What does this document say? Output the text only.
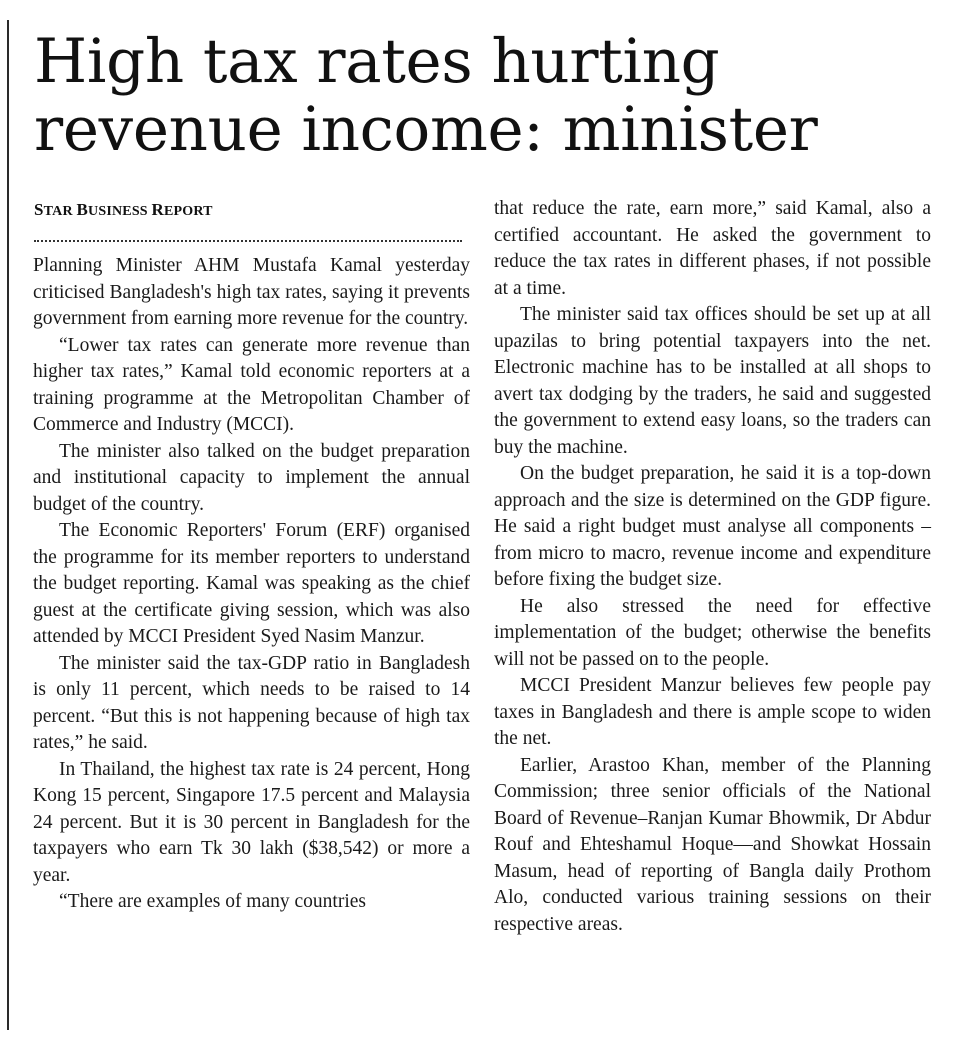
High tax rates hurting revenue income: minister
STAR BUSINESS REPORT

Planning Minister AHM Mustafa Kamal yesterday criticised Bangladesh's high tax rates, saying it prevents government from earning more revenue for the country.

“Lower tax rates can generate more revenue than higher tax rates,” Kamal told economic reporters at a training programme at the Metropolitan Chamber of Commerce and Industry (MCCI).

The minister also talked on the budget preparation and institutional capacity to implement the annual budget of the country.

The Economic Reporters' Forum (ERF) organised the programme for its member reporters to understand the budget reporting. Kamal was speaking as the chief guest at the certificate giving session, which was also attended by MCCI President Syed Nasim Manzur.

The minister said the tax-GDP ratio in Bangladesh is only 11 percent, which needs to be raised to 14 percent. “But this is not happening because of high tax rates,” he said.

In Thailand, the highest tax rate is 24 percent, Hong Kong 15 percent, Singapore 17.5 percent and Malaysia 24 percent. But it is 30 percent in Bangladesh for the taxpayers who earn Tk 30 lakh ($38,542) or more a year.

“There are examples of many countries

that reduce the rate, earn more,” said Kamal, also a certified accountant. He asked the government to reduce the tax rates in different phases, if not possible at a time.

The minister said tax offices should be set up at all upazilas to bring potential taxpayers into the net. Electronic machine has to be installed at all shops to avert tax dodging by the traders, he said and suggested the government to extend easy loans, so the traders can buy the machine.

On the budget preparation, he said it is a top-down approach and the size is determined on the GDP figure. He said a right budget must analyse all components – from micro to macro, revenue income and expenditure before fixing the budget size.

He also stressed the need for effective implementation of the budget; otherwise the benefits will not be passed on to the people.

MCCI President Manzur believes few people pay taxes in Bangladesh and there is ample scope to widen the net.

Earlier, Arastoo Khan, member of the Planning Commission; three senior officials of the National Board of Revenue–Ranjan Kumar Bhowmik, Dr Abdur Rouf and Ehteshamul Hoque—and Showkat Hossain Masum, head of reporting of Bangla daily Prothom Alo, conducted various training sessions on their respective areas.
